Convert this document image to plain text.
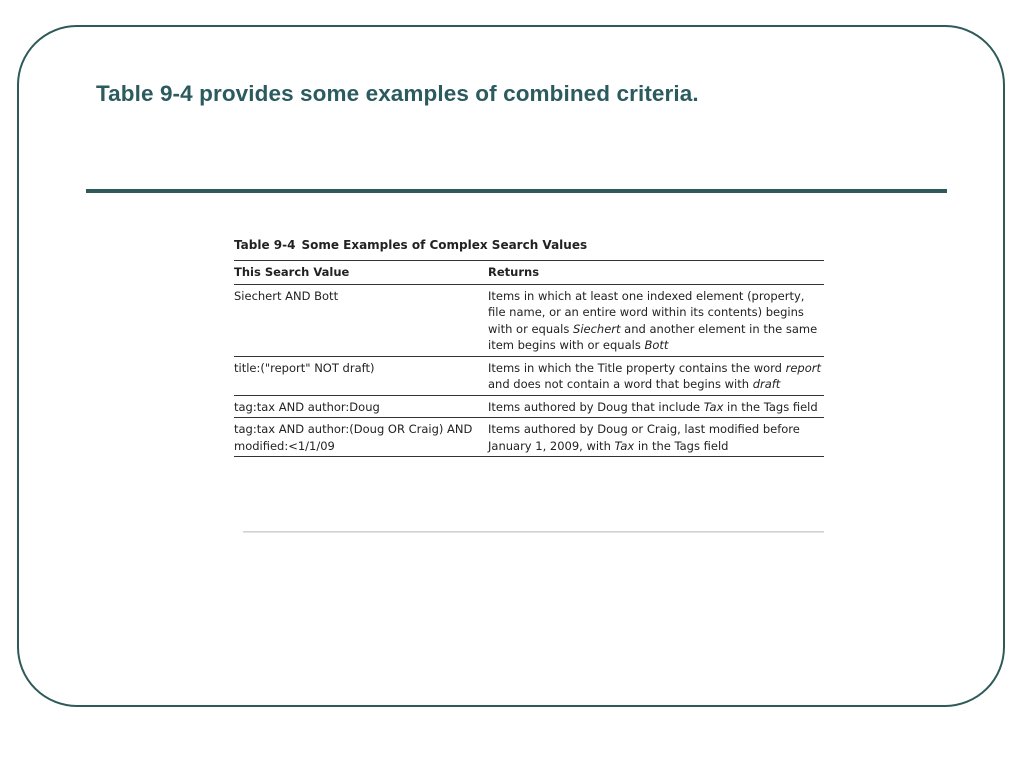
Table 9-4 provides some examples of combined criteria.
Table 9-4 Some Examples of Complex Search Values
This Search Value	Returns
Siechert AND Bott	Items in which at least one indexed element (property, file name, or an entire word within its contents) begins with or equals Siechert and another element in the same item begins with or equals Bott
title:("report" NOT draft)	Items in which the Title property contains the word report and does not contain a word that begins with draft
tag:tax AND author:Doug	Items authored by Doug that include Tax in the Tags field
tag:tax AND author:(Doug OR Craig) AND modified:<1/1/09	Items authored by Doug or Craig, last modified before January 1, 2009, with Tax in the Tags field
